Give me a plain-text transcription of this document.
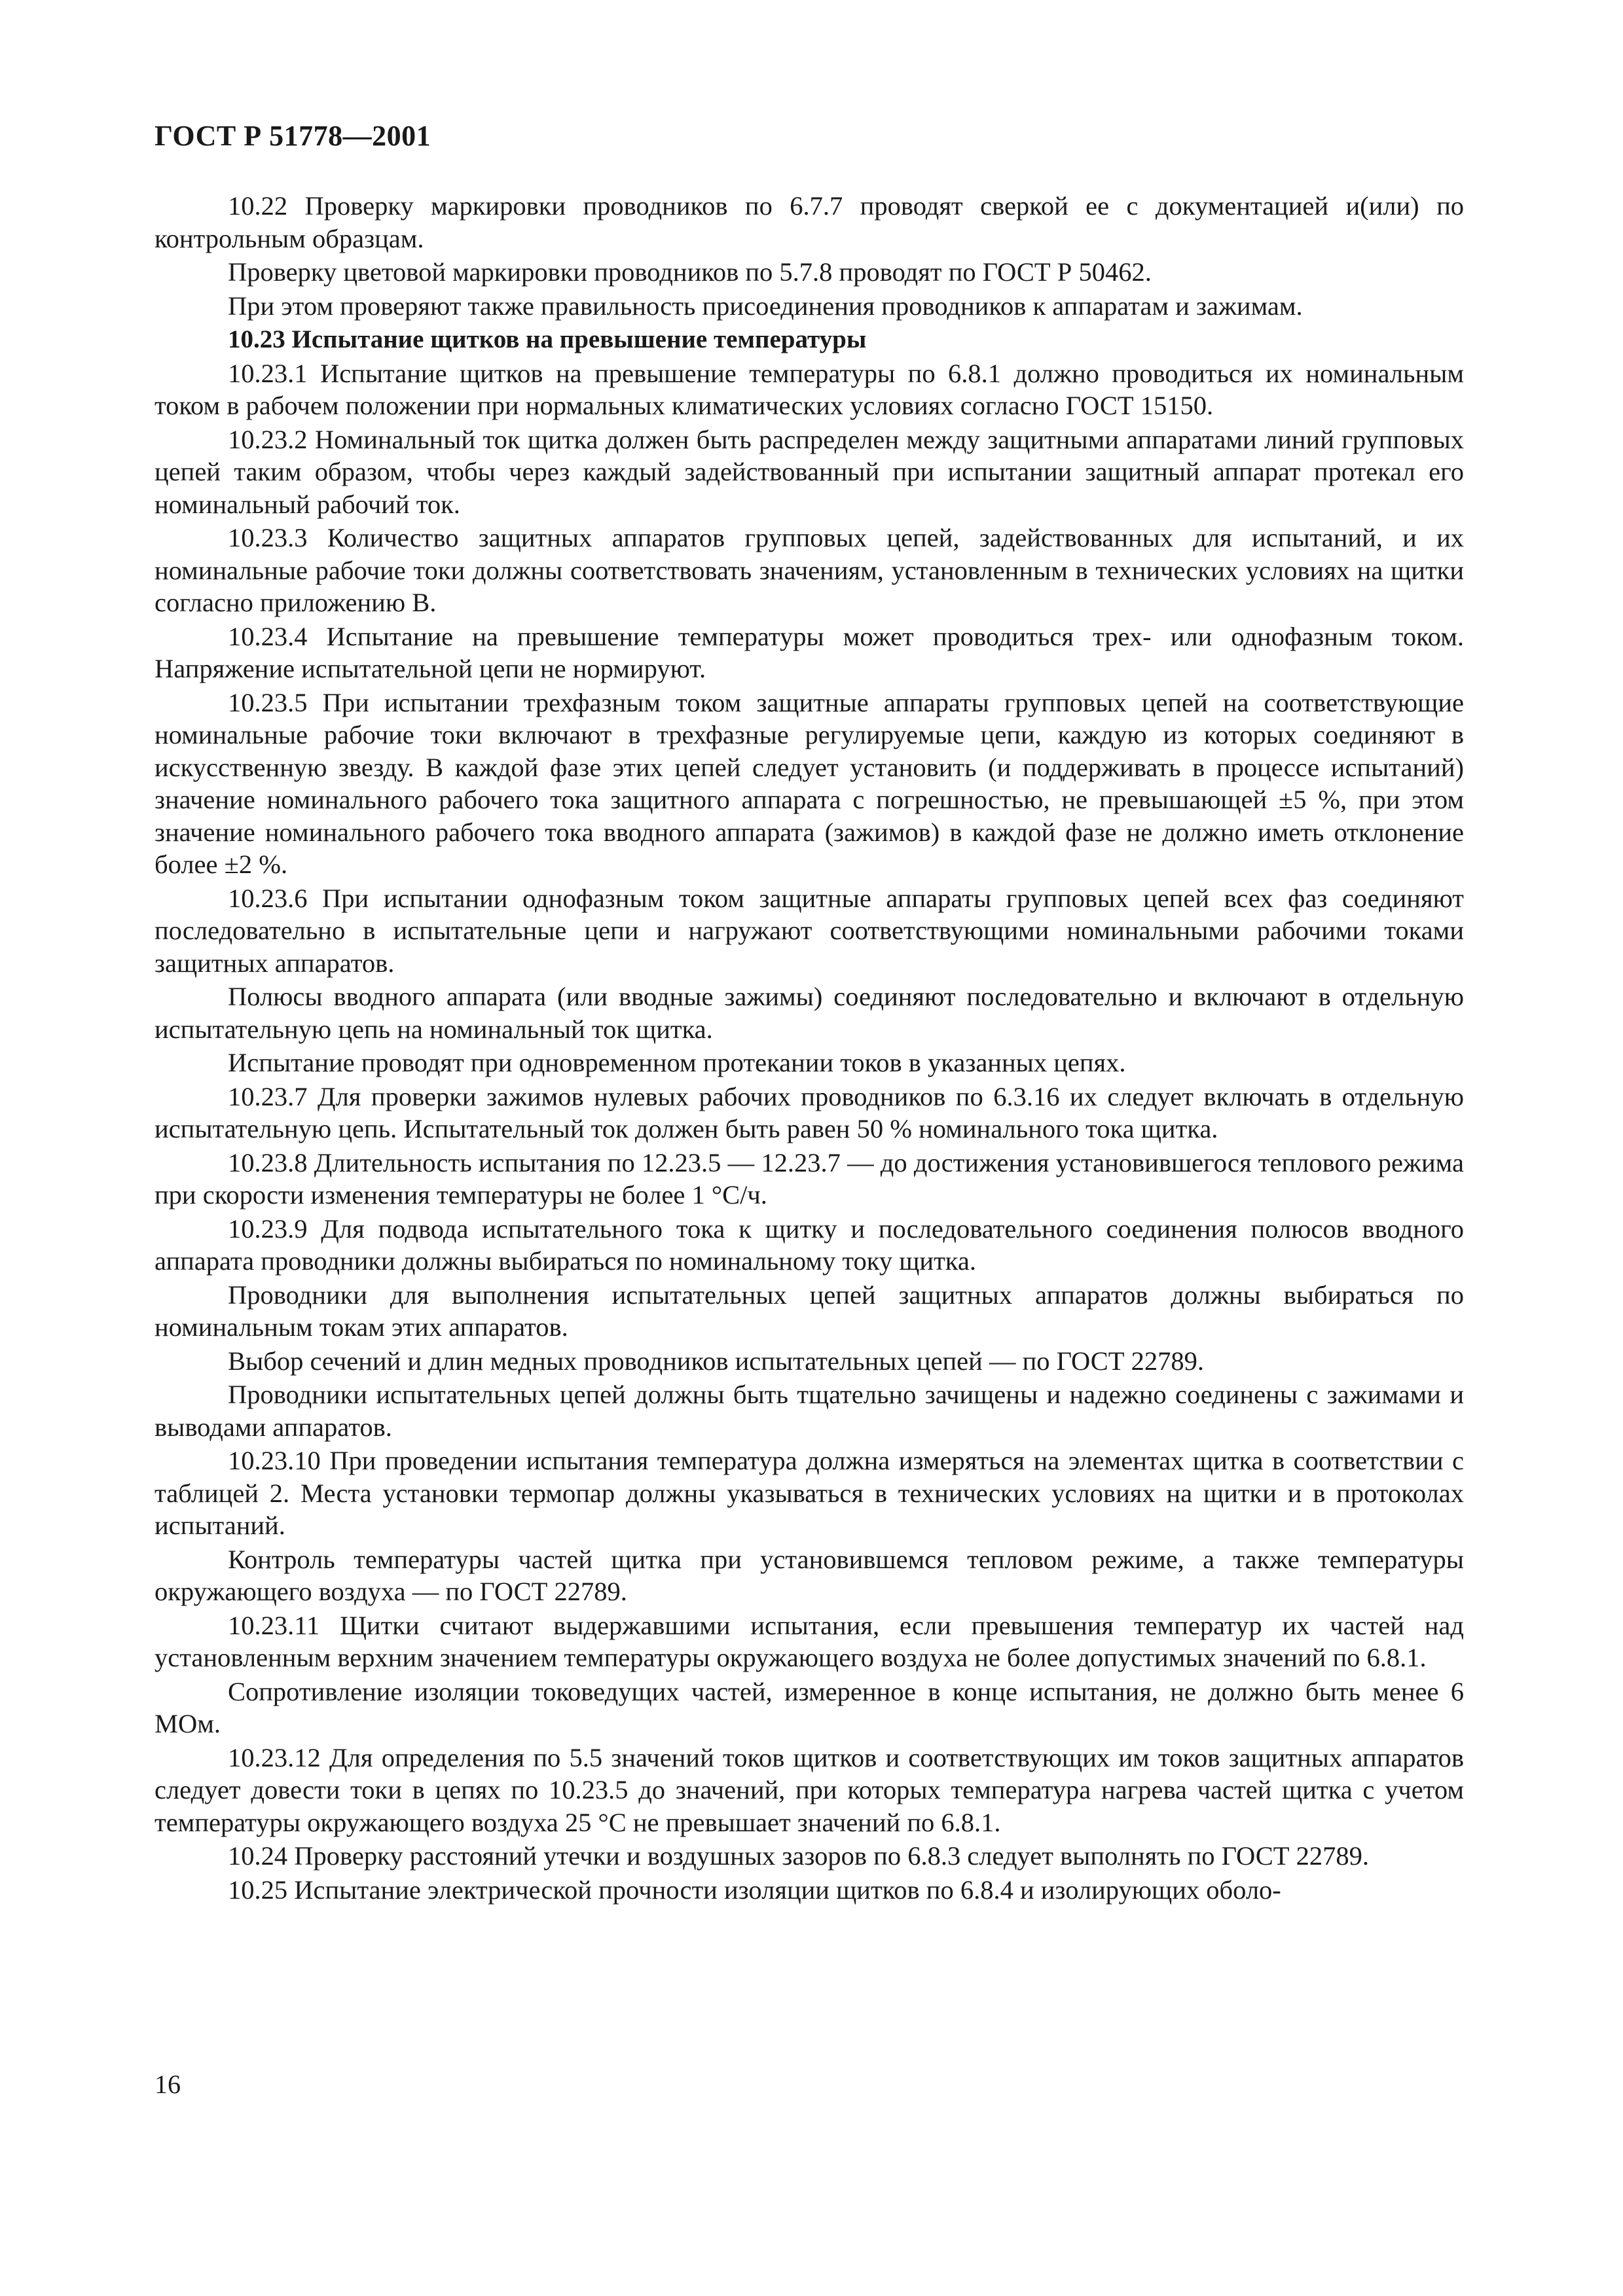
ГОСТ Р 51778—2001

10.22 Проверку маркировки проводников по 6.7.7 проводят сверкой ее с документацией и(или) по контрольным образцам.

Проверку цветовой маркировки проводников по 5.7.8 проводят по ГОСТ Р 50462.

При этом проверяют также правильность присоединения проводников к аппаратам и зажимам.

10.23 Испытание щитков на превышение температуры

10.23.1 Испытание щитков на превышение температуры по 6.8.1 должно проводиться их номинальным током в рабочем положении при нормальных климатических условиях согласно ГОСТ 15150.

10.23.2 Номинальный ток щитка должен быть распределен между защитными аппаратами линий групповых цепей таким образом, чтобы через каждый задействованный при испытании защитный аппарат протекал его номинальный рабочий ток.

10.23.3 Количество защитных аппаратов групповых цепей, задействованных для испытаний, и их номинальные рабочие токи должны соответствовать значениям, установленным в технических условиях на щитки согласно приложению В.

10.23.4 Испытание на превышение температуры может проводиться трех- или однофазным током. Напряжение испытательной цепи не нормируют.

10.23.5 При испытании трехфазным током защитные аппараты групповых цепей на соответствующие номинальные рабочие токи включают в трехфазные регулируемые цепи, каждую из которых соединяют в искусственную звезду. В каждой фазе этих цепей следует установить (и поддерживать в процессе испытаний) значение номинального рабочего тока защитного аппарата с погрешностью, не превышающей ±5 %, при этом значение номинального рабочего тока вводного аппарата (зажимов) в каждой фазе не должно иметь отклонение более ±2 %.

10.23.6 При испытании однофазным током защитные аппараты групповых цепей всех фаз соединяют последовательно в испытательные цепи и нагружают соответствующими номинальными рабочими токами защитных аппаратов.

Полюсы вводного аппарата (или вводные зажимы) соединяют последовательно и включают в отдельную испытательную цепь на номинальный ток щитка.

Испытание проводят при одновременном протекании токов в указанных цепях.

10.23.7 Для проверки зажимов нулевых рабочих проводников по 6.3.16 их следует включать в отдельную испытательную цепь. Испытательный ток должен быть равен 50 % номинального тока щитка.

10.23.8 Длительность испытания по 12.23.5 — 12.23.7 — до достижения установившегося теплового режима при скорости изменения температуры не более 1 °С/ч.

10.23.9 Для подвода испытательного тока к щитку и последовательного соединения полюсов вводного аппарата проводники должны выбираться по номинальному току щитка.

Проводники для выполнения испытательных цепей защитных аппаратов должны выбираться по номинальным токам этих аппаратов.

Выбор сечений и длин медных проводников испытательных цепей — по ГОСТ 22789.

Проводники испытательных цепей должны быть тщательно зачищены и надежно соединены с зажимами и выводами аппаратов.

10.23.10 При проведении испытания температура должна измеряться на элементах щитка в соответствии с таблицей 2. Места установки термопар должны указываться в технических условиях на щитки и в протоколах испытаний.

Контроль температуры частей щитка при установившемся тепловом режиме, а также температуры окружающего воздуха — по ГОСТ 22789.

10.23.11 Щитки считают выдержавшими испытания, если превышения температур их частей над установленным верхним значением температуры окружающего воздуха не более допустимых значений по 6.8.1.

Сопротивление изоляции токоведущих частей, измеренное в конце испытания, не должно быть менее 6 МОм.

10.23.12 Для определения по 5.5 значений токов щитков и соответствующих им токов защитных аппаратов следует довести токи в цепях по 10.23.5 до значений, при которых температура нагрева частей щитка с учетом температуры окружающего воздуха 25 °С не превышает значений по 6.8.1.

10.24 Проверку расстояний утечки и воздушных зазоров по 6.8.3 следует выполнять по ГОСТ 22789.

10.25 Испытание электрической прочности изоляции щитков по 6.8.4 и изолирующих оболо-

16
